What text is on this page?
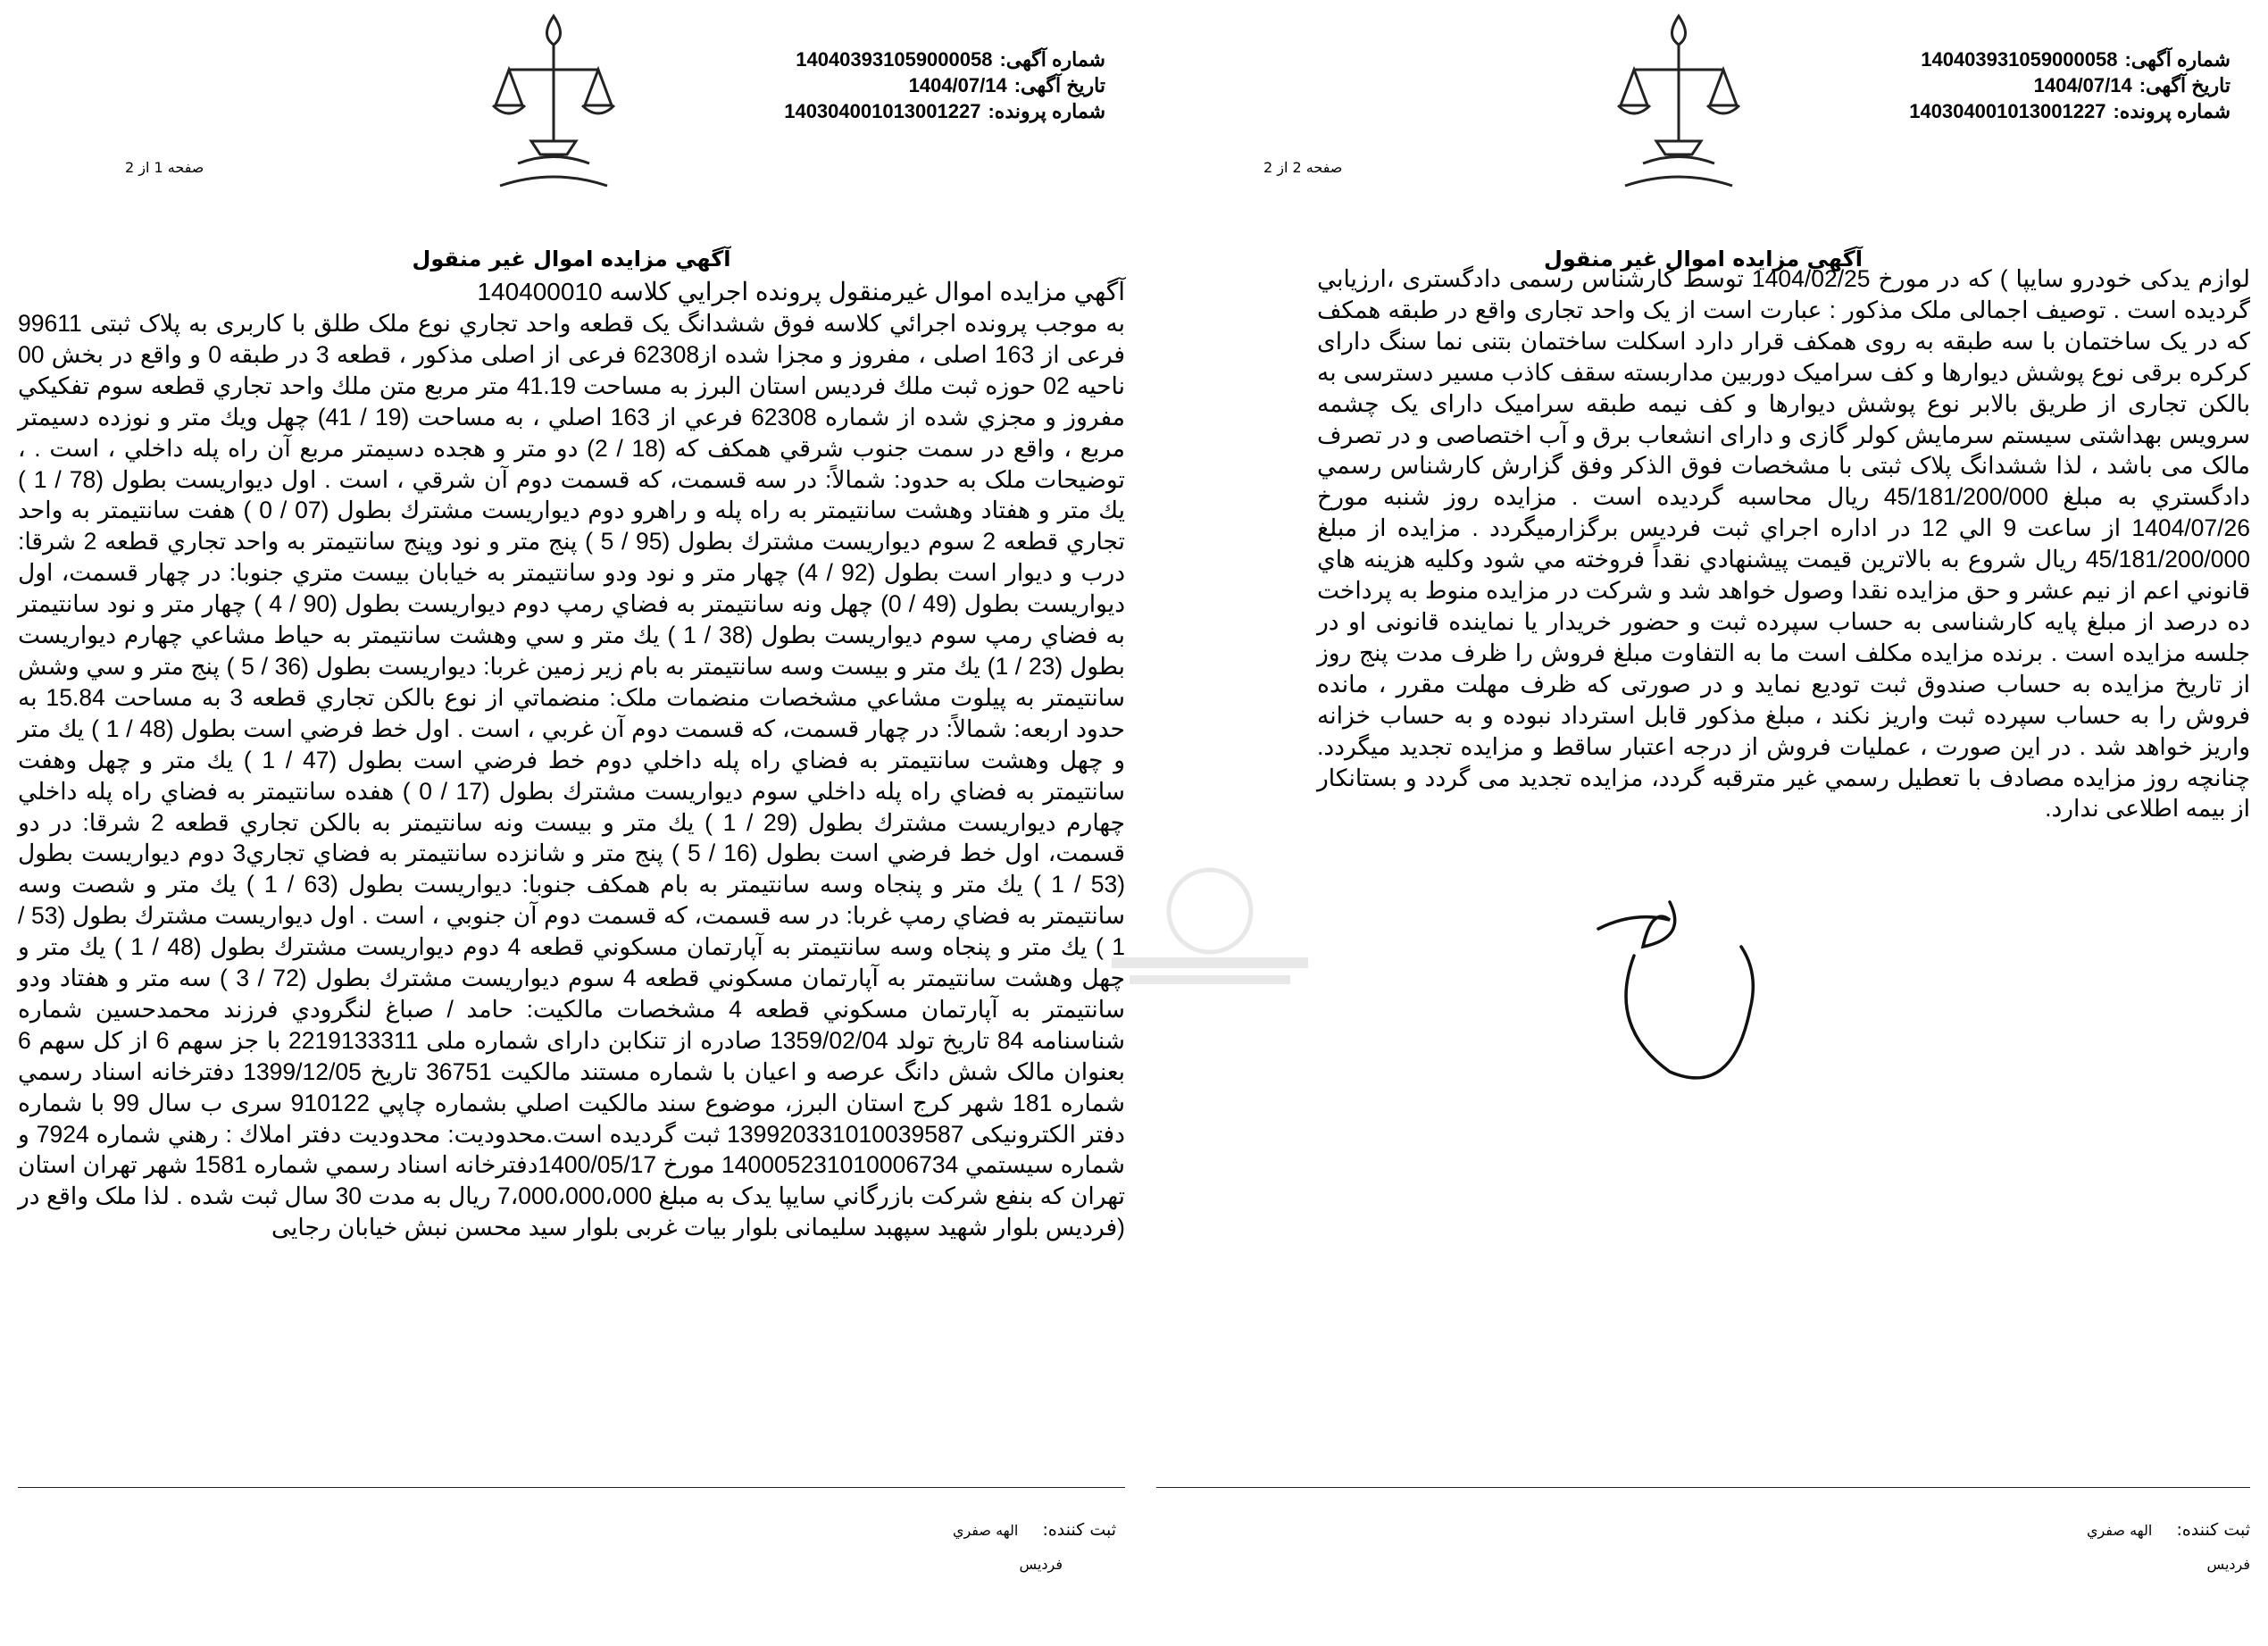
شماره آگهی:140403931059000058
تاریخ آگهی:1404/07/14
شماره پرونده:140304001013001227
صفحه 1 از 2
آگهي مزايده اموال غير منقول
آگهي مزايده اموال غيرمنقول پرونده اجرايي كلاسه 140400010
به موجب پرونده اجرائي كلاسه فوق ششدانگ يک قطعه واحد تجاري نوع ملک طلق با كاربری به پلاک ثبتی 99611 فرعی از 163 اصلی ، مفروز و مجزا شده از62308 فرعی از اصلی مذکور ، قطعه 3 در طبقه 0 و واقع در بخش 00 ناحيه 02 حوزه ثبت ملك فرديس استان البرز به مساحت 41.19 متر مربع متن ملك واحد تجاري قطعه سوم تفكيكي مفروز و مجزي شده از شماره 62308 فرعي از 163 اصلي ، به مساحت (19 / 41) چهل ويك متر و نوزده دسيمتر مربع ، واقع در سمت جنوب شرقي همكف كه (18 / 2) دو متر و هجده دسيمتر مربع آن راه پله داخلي ، است . ، توضيحات ملک به حدود: شمالاً: در سه قسمت، كه قسمت دوم آن شرقي ، است . اول ديواريست بطول (78 / 1 ) يك متر و هفتاد وهشت سانتيمتر به راه پله و راهرو دوم ديواريست مشترك بطول (07 / 0 ) هفت سانتيمتر به واحد تجاري قطعه 2 سوم ديواريست مشترك بطول (95 / 5 ) پنج متر و نود وپنج سانتيمتر به واحد تجاري قطعه 2 شرقا: درب و ديوار است بطول (92 / 4) چهار متر و نود ودو سانتيمتر به خيابان بيست متري جنوبا: در چهار قسمت، اول ديواريست بطول (49 / 0) چهل ونه سانتيمتر به فضاي رمپ دوم ديواريست بطول (90 / 4 ) چهار متر و نود سانتيمتر به فضاي رمپ سوم ديواريست بطول (38 / 1 ) يك متر و سي وهشت سانتيمتر به حياط مشاعي چهارم ديواريست بطول (23 / 1) يك متر و بيست وسه سانتيمتر به بام زير زمين غربا: ديواريست بطول (36 / 5 ) پنج متر و سي وشش سانتيمتر به پيلوت مشاعي مشخصات منضمات ملک: منضماتي از نوع بالكن تجاري قطعه 3 به مساحت 15.84 به حدود اربعه: شمالاً: در چهار قسمت، كه قسمت دوم آن غربي ، است . اول خط فرضي است بطول (48 / 1 ) يك متر و چهل وهشت سانتيمتر به فضاي راه پله داخلي دوم خط فرضي است بطول (47 / 1 ) يك متر و چهل وهفت سانتيمتر به فضاي راه پله داخلي سوم ديواريست مشترك بطول (17 / 0 ) هفده سانتيمتر به فضاي راه پله داخلي چهارم ديواريست مشترك بطول (29 / 1 ) يك متر و بيست ونه سانتيمتر به بالكن تجاري قطعه 2 شرقا: در دو قسمت، اول خط فرضي است بطول (16 / 5 ) پنج متر و شانزده سانتيمتر به فضاي تجاري3 دوم ديواريست بطول (53 / 1 ) يك متر و پنجاه وسه سانتيمتر به بام همكف جنوبا: ديواريست بطول (63 / 1 ) يك متر و شصت وسه سانتيمتر به فضاي رمپ غربا: در سه قسمت، كه قسمت دوم آن جنوبي ، است . اول ديواريست مشترك بطول (53 / 1 ) يك متر و پنجاه وسه سانتيمتر به آپارتمان مسكوني قطعه 4 دوم ديواريست مشترك بطول (48 / 1 ) يك متر و چهل وهشت سانتيمتر به آپارتمان مسكوني قطعه 4 سوم ديواريست مشترك بطول (72 / 3 ) سه متر و هفتاد ودو سانتيمتر به آپارتمان مسكوني قطعه 4 مشخصات مالكيت: حامد / صباغ لنگرودي فرزند محمدحسين شماره شناسنامه 84 تاريخ تولد 1359/02/04 صادره از تنكابن دارای شماره ملی 2219133311 با جز سهم 6 از كل سهم 6 بعنوان مالک شش دانگ عرصه و اعيان با شماره مستند مالكيت 36751 تاريخ 1399/12/05 دفترخانه اسناد رسمي شماره 181 شهر كرج استان البرز، موضوع سند مالكيت اصلي بشماره چاپي 910122 سری ب سال 99 با شماره دفتر الکترونيکی 139920331010039587 ثبت گرديده است.محدوديت: محدوديت دفتر املاك : رهني شماره 7924 و شماره سيستمي 140005231010006734 مورخ 1400/05/17دفترخانه اسناد رسمي شماره 1581 شهر تهران استان تهران كه بنفع شركت بازرگاني سايپا يدک به مبلغ 7،000،000،000 ريال به مدت 30 سال ثبت شده . لذا ملک واقع در (فرديس بلوار شهيد سپهبد سليمانى بلوار بيات غربى بلوار سيد محسن نبش خيابان رجايى
ثبت کننده: الهه صفري
فرديس
شماره آگهی:140403931059000058
تاریخ آگهی:1404/07/14
شماره پرونده:140304001013001227
صفحه 2 از 2
آگهي مزايده اموال غير منقول
لوازم یدکی خودرو سایپا ) که در مورخ 1404/02/25 توسط کارشناس رسمی دادگستری ،ارزيابي گرديده است . توصیف اجمالی ملک مذکور : عبارت است از یک واحد تجاری واقع در طبقه همکف که در یک ساختمان با سه طبقه به روی همکف قرار دارد اسکلت ساختمان بتنی نما سنگ دارای کرکره برقی نوع پوشش دیوارها و کف سرامیک دوربین مداربسته سقف کاذب مسیر دسترسی به بالکن تجاری از طریق بالابر نوع پوشش دیوارها و کف نیمه طبقه سرامیک دارای یک چشمه سرویس بهداشتی سیستم سرمایش کولر گازی و دارای انشعاب برق و آب اختصاصی و در تصرف مالک می باشد ، لذا ششدانگ پلاک ثبتی با مشخصات فوق الذکر وفق گزارش کارشناس رسمي دادگستري به مبلغ 45/181/200/000 ريال محاسبه گرديده است . مزايده روز شنبه مورخ 1404/07/26 از ساعت 9 الي 12 در اداره اجراي ثبت فرديس برگزارميگردد . مزايده از مبلغ 45/181/200/000 ريال شروع به بالاترين قيمت پيشنهادي نقداً فروخته مي شود وكليه هزينه هاي قانوني اعم از نيم عشر و حق مزايده نقدا وصول خواهد شد و شرکت در مزايده منوط به پرداخت ده درصد از مبلغ پايه کارشناسی به حساب سپرده ثبت و حضور خريدار يا نماينده قانونی او در جلسه مزايده است . برنده مزايده مکلف است ما به التفاوت مبلغ فروش را ظرف مدت پنج روز از تاريخ مزايده به حساب صندوق ثبت توديع نمايد و در صورتی که ظرف مهلت مقرر ، مانده فروش را به حساب سپرده ثبت واريز نکند ، مبلغ مذکور قابل استرداد نبوده و به حساب خزانه واريز خواهد شد . در اين صورت ، عمليات فروش از درجه اعتبار ساقط و مزايده تجديد ميگردد. چنانچه روز مزايده مصادف با تعطيل رسمي غير مترقبه گردد، مزايده تجديد می گردد و بستانکار از بيمه اطلاعی ندارد.
ثبت کننده: الهه صفري
فرديس
